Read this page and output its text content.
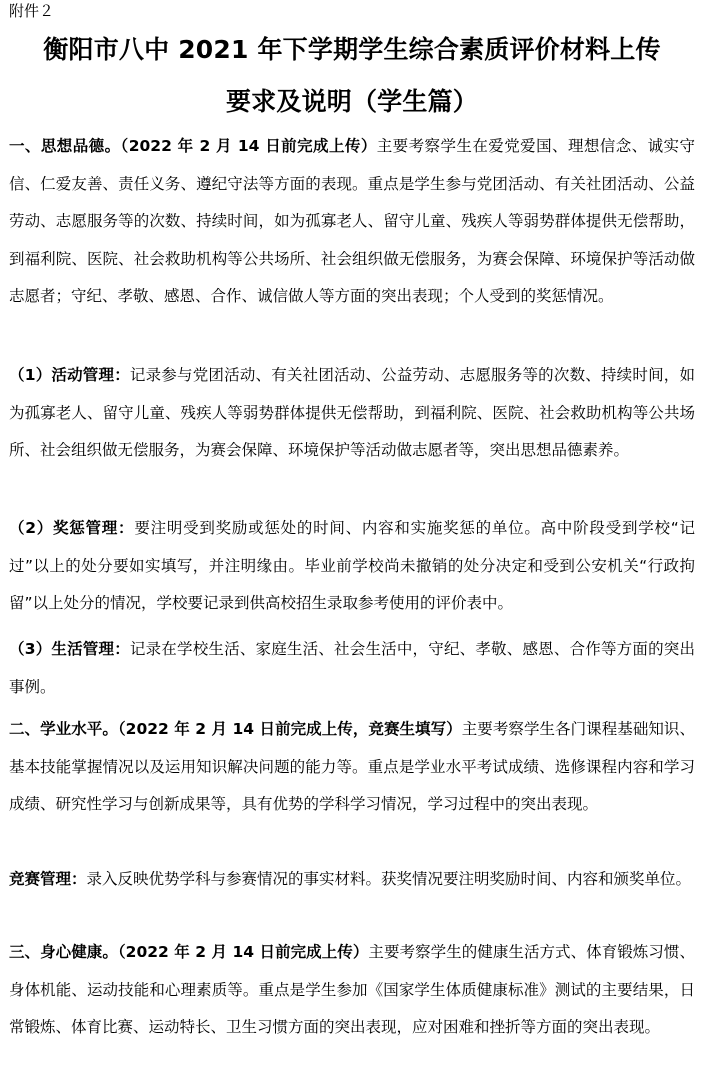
附件２
衡阳市八中 2021 年下学期学生综合素质评价材料上传
要求及说明（学生篇）
一、思想品德。（2022 年 2 月 14 日前完成上传）主要考察学生在爱党爱国、理想信念、诚实守信、仁爱友善、责任义务、遵纪守法等方面的表现。重点是学生参与党团活动、有关社团活动、公益劳动、志愿服务等的次数、持续时间，如为孤寡老人、留守儿童、残疾人等弱势群体提供无偿帮助，到福利院、医院、社会救助机构等公共场所、社会组织做无偿服务，为赛会保障、环境保护等活动做志愿者；守纪、孝敬、感恩、合作、诚信做人等方面的突出表现；个人受到的奖惩情况。
（1）活动管理：记录参与党团活动、有关社团活动、公益劳动、志愿服务等的次数、持续时间，如为孤寡老人、留守儿童、残疾人等弱势群体提供无偿帮助，到福利院、医院、社会救助机构等公共场所、社会组织做无偿服务，为赛会保障、环境保护等活动做志愿者等，突出思想品德素养。
（2）奖惩管理：要注明受到奖励或惩处的时间、内容和实施奖惩的单位。高中阶段受到学校“记过”以上的处分要如实填写，并注明缘由。毕业前学校尚未撤销的处分决定和受到公安机关“行政拘留”以上处分的情况，学校要记录到供高校招生录取参考使用的评价表中。
（3）生活管理：记录在学校生活、家庭生活、社会生活中，守纪、孝敬、感恩、合作等方面的突出事例。
二、学业水平。（2022 年 2 月 14 日前完成上传，竞赛生填写）主要考察学生各门课程基础知识、基本技能掌握情况以及运用知识解决问题的能力等。重点是学业水平考试成绩、选修课程内容和学习成绩、研究性学习与创新成果等，具有优势的学科学习情况，学习过程中的突出表现。
竞赛管理：录入反映优势学科与参赛情况的事实材料。获奖情况要注明奖励时间、内容和颁奖单位。
三、身心健康。（2022 年 2 月 14 日前完成上传）主要考察学生的健康生活方式、体育锻炼习惯、身体机能、运动技能和心理素质等。重点是学生参加《国家学生体质健康标准》测试的主要结果，日常锻炼、体育比赛、运动特长、卫生习惯方面的突出表现，应对困难和挫折等方面的突出表现。
